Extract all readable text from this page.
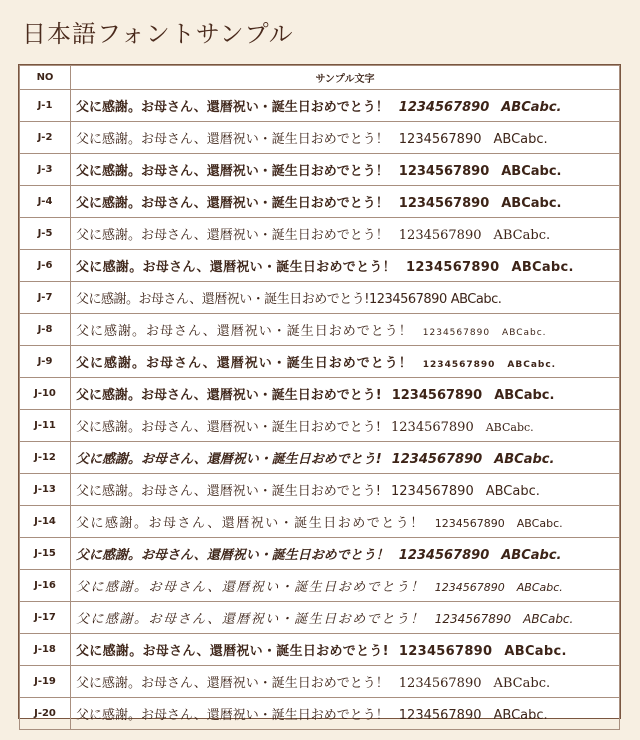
日本語フォントサンプル
NO	サンプル文字
J-1	父に感謝。お母さん、還暦祝い・誕生日おめでとう！ 1234567890 ABCabc.
J-2	父に感謝。お母さん、還暦祝い・誕生日おめでとう！ 1234567890 ABCabc.
J-3	父に感謝。お母さん、還暦祝い・誕生日おめでとう！ 1234567890 ABCabc.
J-4	父に感謝。お母さん、還暦祝い・誕生日おめでとう！ 1234567890 ABCabc.
J-5	父に感謝。お母さん、還暦祝い・誕生日おめでとう！ 1234567890 ABCabc.
J-6	父に感謝。お母さん、還暦祝い・誕生日おめでとう！ 1234567890 ABCabc.
J-7	父に感謝。お母さん、還暦祝い・誕生日おめでとう!1234567890 ABCabc.
J-8	父に感謝。お母さん、還暦祝い・誕生日おめでとう！ 1234567890 ABCabc.
J-9	父に感謝。お母さん、還暦祝い・誕生日おめでとう！ 1234567890 ABCabc.
J-10	父に感謝。お母さん、還暦祝い・誕生日おめでとう! 1234567890 ABCabc.
J-11	父に感謝。お母さん、還暦祝い・誕生日おめでとう! 1234567890 ABCabc.
J-12	父に感謝。お母さん、還暦祝い・誕生日おめでとう! 1234567890 ABCabc.
J-13	父に感謝。お母さん、還暦祝い・誕生日おめでとう! 1234567890 ABCabc.
J-14	父に感謝。お母さん、還暦祝い・誕生日おめでとう！ 1234567890 ABCabc.
J-15	父に感謝。お母さん、還暦祝い・誕生日おめでとう！ 1234567890 ABCabc.
J-16	父に感謝。お母さん、還暦祝い・誕生日おめでとう！ 1234567890 ABCabc.
J-17	父に感謝。お母さん、還暦祝い・誕生日おめでとう！ 1234567890 ABCabc.
J-18	父に感謝。お母さん、還暦祝い・誕生日おめでとう! 1234567890 ABCabc.
J-19	父に感謝。お母さん、還暦祝い・誕生日おめでとう！ 1234567890 ABCabc.
J-20	父に感謝。お母さん、還暦祝い・誕生日おめでとう！ 1234567890 ABCabc.
